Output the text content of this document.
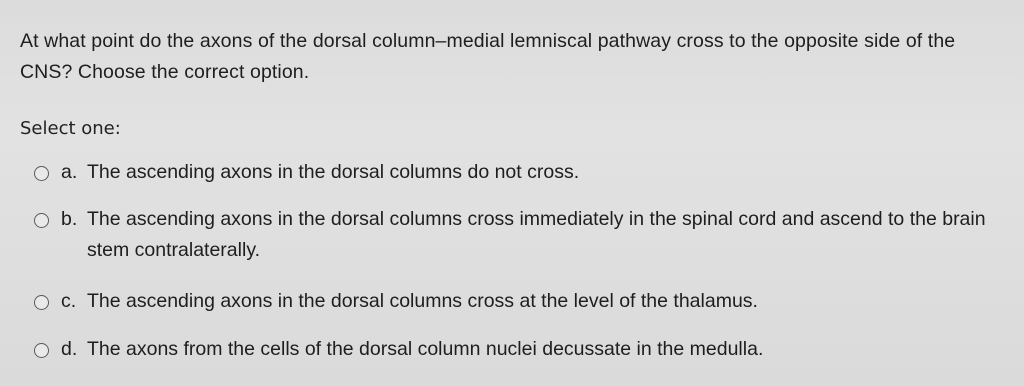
At what point do the axons of the dorsal column–medial lemniscal pathway cross to the opposite side of the CNS? Choose the correct option.
Select one:
a. The ascending axons in the dorsal columns do not cross.
b. The ascending axons in the dorsal columns cross immediately in the spinal cord and ascend to the brain stem contralaterally.
c. The ascending axons in the dorsal columns cross at the level of the thalamus.
d. The axons from the cells of the dorsal column nuclei decussate in the medulla.
